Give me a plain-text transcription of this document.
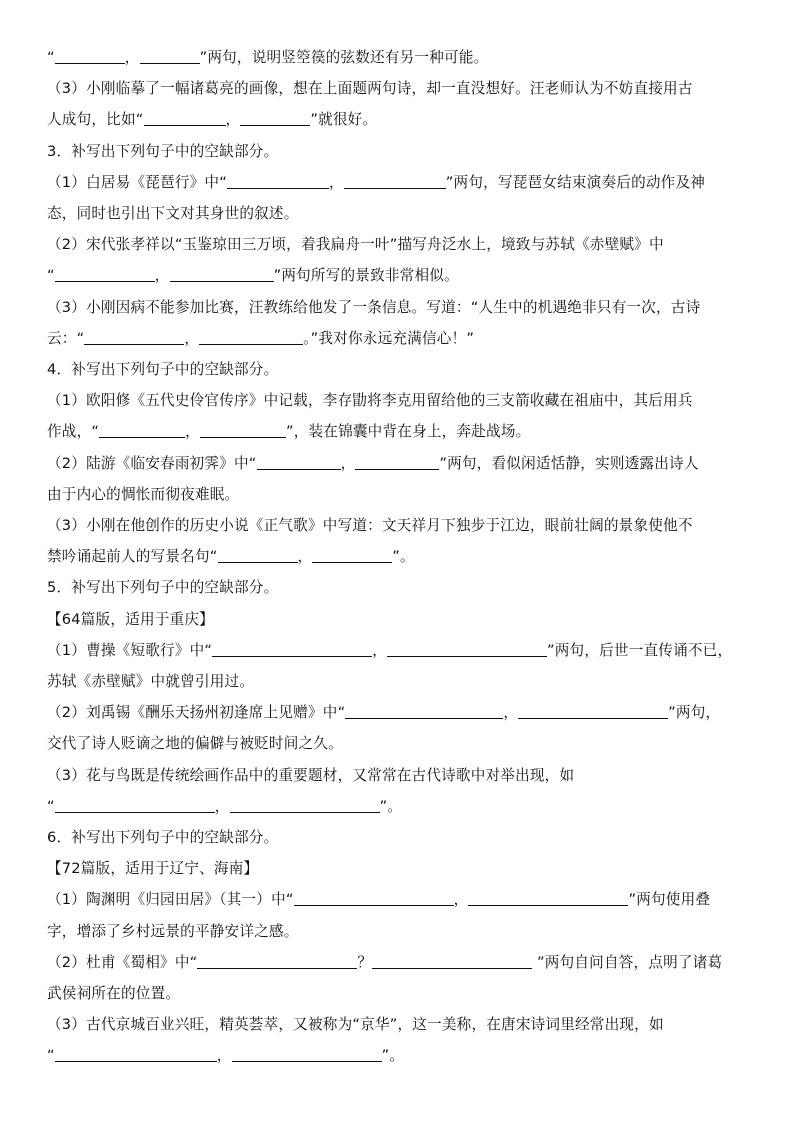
“	，	”两句，说明竖箜篌的弦数还有另一种可能。
（3）小刚临摹了一幅诸葛亮的画像，想在上面题两句诗，却一直没想好。汪老师认为不妨直接用古
人成句，比如“	，	”就很好。
3．补写出下列句子中的空缺部分。
（1）白居易《琵琶行》中“	，	”两句，写琵琶女结束演奏后的动作及神
态，同时也引出下文对其身世的叙述。
（2）宋代张孝祥以“玉鉴琼田三万顷，着我扁舟一叶”描写舟泛水上，境致与苏轼《赤壁赋》中
“	，	”两句所写的景致非常相似。
（3）小刚因病不能参加比赛，汪教练给他发了一条信息。写道：“人生中的机遇绝非只有一次，古诗
云：“	，	。”我对你永远充满信心！”
4．补写出下列句子中的空缺部分。
（1）欧阳修《五代史伶官传序》中记载，李存勖将李克用留给他的三支箭收藏在祖庙中，其后用兵
作战，“	，	”，装在锦囊中背在身上，奔赴战场。
（2）陆游《临安春雨初霁》中“	，	”两句，看似闲适恬静，实则透露出诗人
由于内心的惆怅而彻夜难眠。
（3）小刚在他创作的历史小说《正气歌》中写道：文天祥月下独步于江边，眼前壮阔的景象使他不
禁吟诵起前人的写景名句“	，	”。
5．补写出下列句子中的空缺部分。
【64篇版，适用于重庆】
（1）曹操《短歌行》中“	，	”两句，后世一直传诵不已，
苏轼《赤壁赋》中就曾引用过。
（2）刘禹锡《酬乐天扬州初逢席上见赠》中“	，	”两句，
交代了诗人贬谪之地的偏僻与被贬时间之久。
（3）花与鸟既是传统绘画作品中的重要题材，又常常在古代诗歌中对举出现，如
“	，	”。
6．补写出下列句子中的空缺部分。
【72篇版，适用于辽宁、海南】
（1）陶渊明《归园田居》（其一）中“	，	”两句使用叠
字，增添了乡村远景的平静安详之感。
（2）杜甫《蜀相》中“	？	”两句自问自答，点明了诸葛
武侯祠所在的位置。
（3）古代京城百业兴旺，精英荟萃，又被称为“京华”，这一美称，在唐宋诗词里经常出现，如
“	，	”。
